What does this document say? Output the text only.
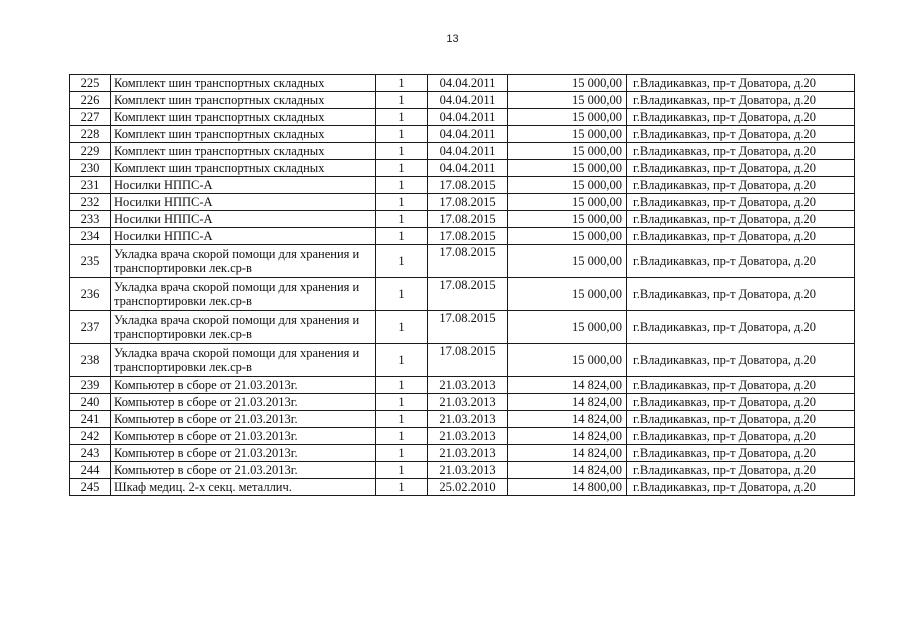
13
225	Комплект шин транспортных складных	1	04.04.2011	15 000,00	г.Владикавказ, пр-т Доватора, д.20
226	Комплект шин транспортных складных	1	04.04.2011	15 000,00	г.Владикавказ, пр-т Доватора, д.20
227	Комплект шин транспортных складных	1	04.04.2011	15 000,00	г.Владикавказ, пр-т Доватора, д.20
228	Комплект шин транспортных складных	1	04.04.2011	15 000,00	г.Владикавказ, пр-т Доватора, д.20
229	Комплект шин транспортных складных	1	04.04.2011	15 000,00	г.Владикавказ, пр-т Доватора, д.20
230	Комплект шин транспортных складных	1	04.04.2011	15 000,00	г.Владикавказ, пр-т Доватора, д.20
231	Носилки НППС-А	1	17.08.2015	15 000,00	г.Владикавказ, пр-т Доватора, д.20
232	Носилки НППС-А	1	17.08.2015	15 000,00	г.Владикавказ, пр-т Доватора, д.20
233	Носилки НППС-А	1	17.08.2015	15 000,00	г.Владикавказ, пр-т Доватора, д.20
234	Носилки НППС-А	1	17.08.2015	15 000,00	г.Владикавказ, пр-т Доватора, д.20
235	Укладка врача скорой помощи для хранения и транспортировки лек.ср-в	1	17.08.2015	15 000,00	г.Владикавказ, пр-т Доватора, д.20
236	Укладка врача скорой помощи для хранения и транспортировки лек.ср-в	1	17.08.2015	15 000,00	г.Владикавказ, пр-т Доватора, д.20
237	Укладка врача скорой помощи для хранения и транспортировки лек.ср-в	1	17.08.2015	15 000,00	г.Владикавказ, пр-т Доватора, д.20
238	Укладка врача скорой помощи для хранения и транспортировки лек.ср-в	1	17.08.2015	15 000,00	г.Владикавказ, пр-т Доватора, д.20
239	Компьютер в сборе от 21.03.2013г.	1	21.03.2013	14 824,00	г.Владикавказ, пр-т Доватора, д.20
240	Компьютер в сборе от 21.03.2013г.	1	21.03.2013	14 824,00	г.Владикавказ, пр-т Доватора, д.20
241	Компьютер в сборе от 21.03.2013г.	1	21.03.2013	14 824,00	г.Владикавказ, пр-т Доватора, д.20
242	Компьютер в сборе от 21.03.2013г.	1	21.03.2013	14 824,00	г.Владикавказ, пр-т Доватора, д.20
243	Компьютер в сборе от 21.03.2013г.	1	21.03.2013	14 824,00	г.Владикавказ, пр-т Доватора, д.20
244	Компьютер в сборе от 21.03.2013г.	1	21.03.2013	14 824,00	г.Владикавказ, пр-т Доватора, д.20
245	Шкаф медиц. 2-х секц. металлич.	1	25.02.2010	14 800,00	г.Владикавказ, пр-т Доватора, д.20
